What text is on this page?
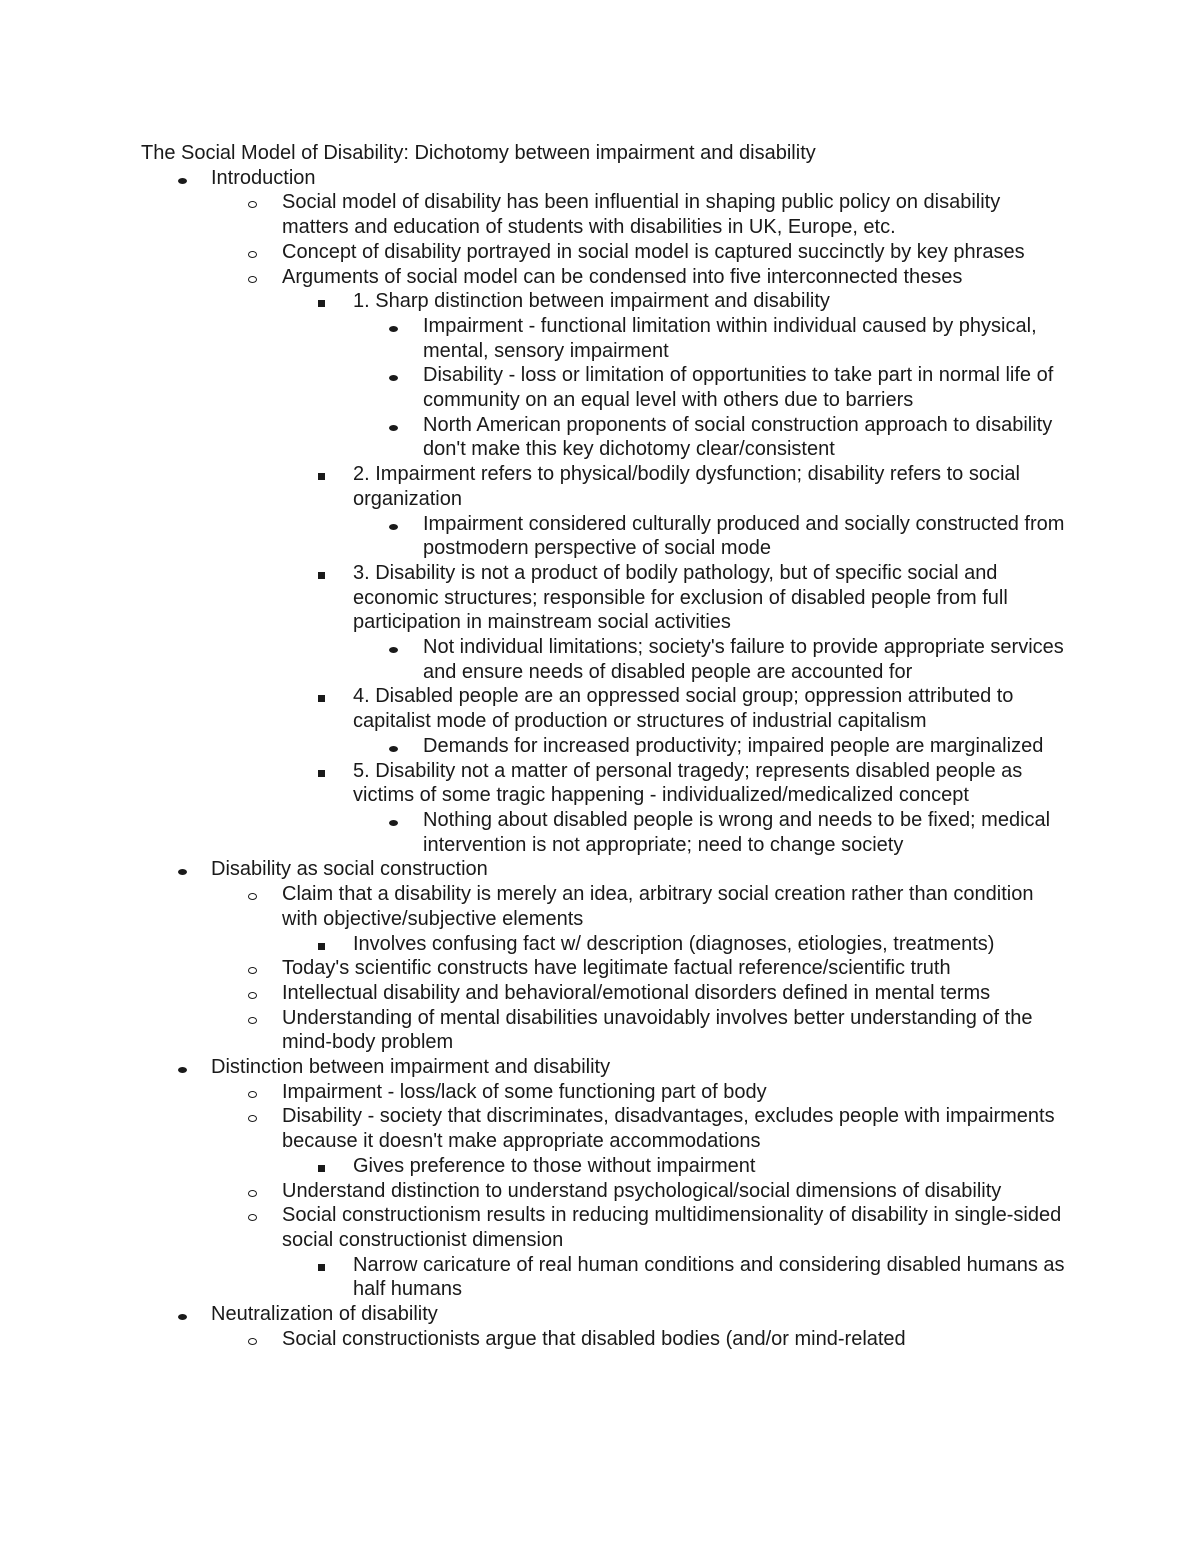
The Social Model of Disability: Dichotomy between impairment and disability

Introduction
Social model of disability has been influential in shaping public policy on disability matters and education of students with disabilities in UK, Europe, etc.
Concept of disability portrayed in social model is captured succinctly by key phrases
Arguments of social model can be condensed into five interconnected theses
1. Sharp distinction between impairment and disability
Impairment - functional limitation within individual caused by physical, mental, sensory impairment
Disability - loss or limitation of opportunities to take part in normal life of community on an equal level with others due to barriers
North American proponents of social construction approach to disability don't make this key dichotomy clear/consistent
2. Impairment refers to physical/bodily dysfunction; disability refers to social organization
Impairment considered culturally produced and socially constructed from postmodern perspective of social mode
3. Disability is not a product of bodily pathology, but of specific social and economic structures; responsible for exclusion of disabled people from full participation in mainstream social activities
Not individual limitations; society's failure to provide appropriate services and ensure needs of disabled people are accounted for
4. Disabled people are an oppressed social group; oppression attributed to capitalist mode of production or structures of industrial capitalism
Demands for increased productivity; impaired people are marginalized
5. Disability not a matter of personal tragedy; represents disabled people as victims of some tragic happening - individualized/medicalized concept
Nothing about disabled people is wrong and needs to be fixed; medical intervention is not appropriate; need to change society
Disability as social construction
Claim that a disability is merely an idea, arbitrary social creation rather than condition with objective/subjective elements
Involves confusing fact w/ description (diagnoses, etiologies, treatments)
Today's scientific constructs have legitimate factual reference/scientific truth
Intellectual disability and behavioral/emotional disorders defined in mental terms
Understanding of mental disabilities unavoidably involves better understanding of the mind-body problem
Distinction between impairment and disability
Impairment - loss/lack of some functioning part of body
Disability - society that discriminates, disadvantages, excludes people with impairments because it doesn't make appropriate accommodations
Gives preference to those without impairment
Understand distinction to understand psychological/social dimensions of disability
Social constructionism results in reducing multidimensionality of disability in single-sided social constructionist dimension
Narrow caricature of real human conditions and considering disabled humans as half humans
Neutralization of disability
Social constructionists argue that disabled bodies (and/or mind-related
